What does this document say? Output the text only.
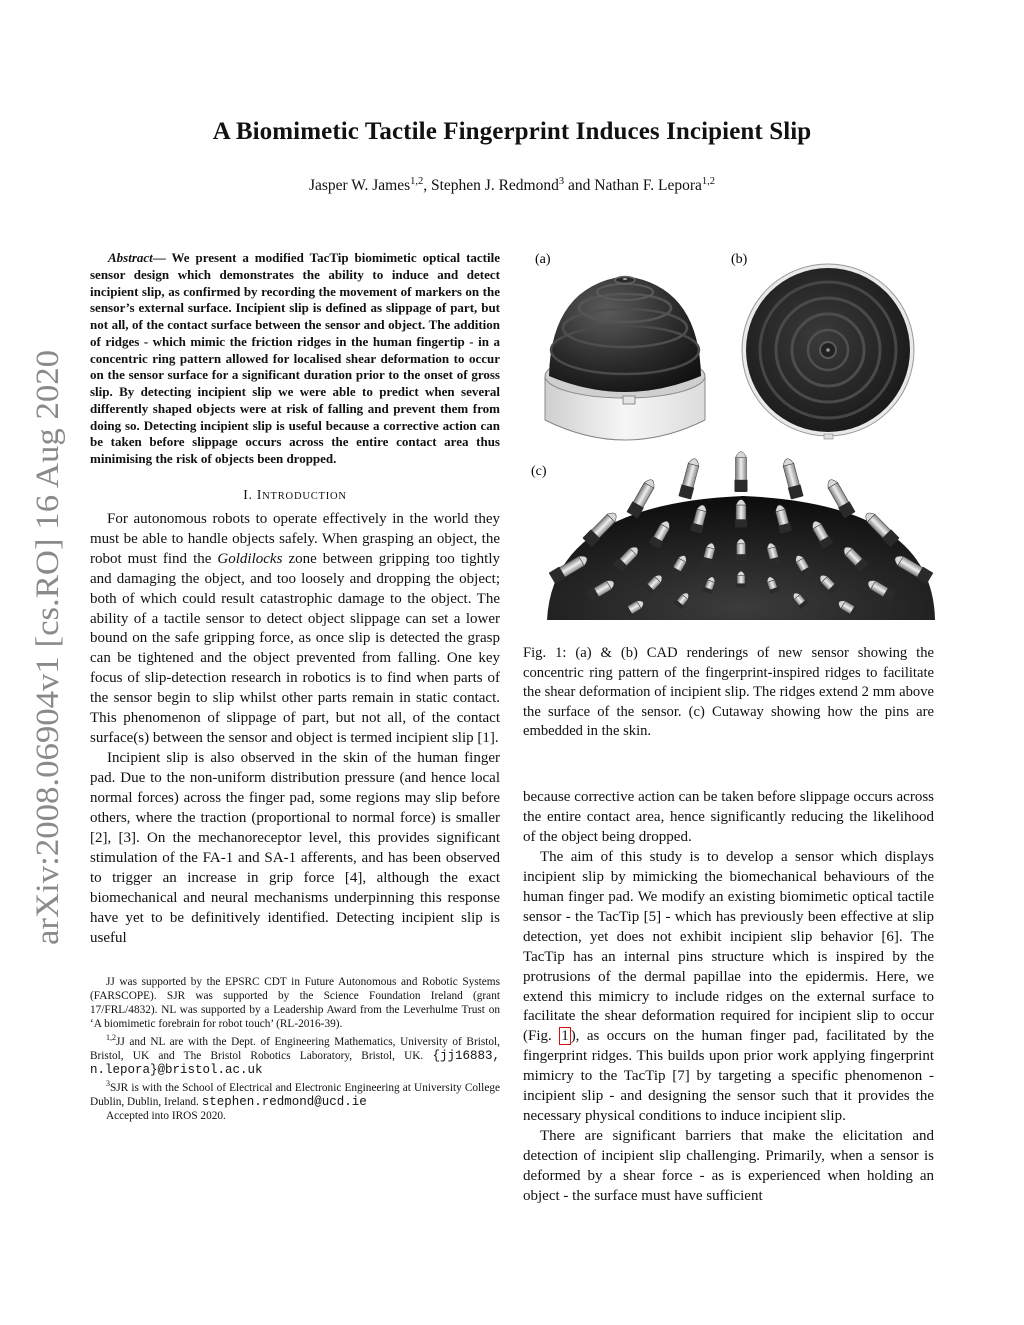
arXiv:2008.06904v1 [cs.RO] 16 Aug 2020
A Biomimetic Tactile Fingerprint Induces Incipient Slip
Jasper W. James$^{1,2}$, Stephen J. Redmond$^3$ and Nathan F. Lepora$^{1,2}$

Abstract— We present a modified TacTip biomimetic optical tactile sensor design which demonstrates the ability to induce and detect incipient slip, as confirmed by recording the movement of markers on the sensor’s external surface. Incipient slip is defined as slippage of part, but not all, of the contact surface between the sensor and object. The addition of ridges - which mimic the friction ridges in the human fingertip - in a concentric ring pattern allowed for localised shear deformation to occur on the sensor surface for a significant duration prior to the onset of gross slip. By detecting incipient slip we were able to predict when several differently shaped objects were at risk of falling and prevent them from doing so. Detecting incipient slip is useful because a corrective action can be taken before slippage occurs across the entire contact area thus minimising the risk of objects been dropped.

I. INTRODUCTION

For autonomous robots to operate effectively in the world they must be able to handle objects safely. When grasping an object, the robot must find the Goldilocks zone between gripping too tightly and damaging the object, and too loosely and dropping the object; both of which could result catastrophic damage to the object. The ability of a tactile sensor to detect object slippage can set a lower bound on the safe gripping force, as once slip is detected the grasp can be tightened and the object prevented from falling. One key focus of slip-detection research in robotics is to find when parts of the sensor begin to slip whilst other parts remain in static contact. This phenomenon of slippage of part, but not all, of the contact surface(s) between the sensor and object is termed incipient slip [1].

Incipient slip is also observed in the skin of the human finger pad. Due to the non-uniform distribution pressure (and hence local normal forces) across the finger pad, some regions may slip before others, where the traction (proportional to normal force) is smaller [2], [3]. On the mechanoreceptor level, this provides significant stimulation of the FA-1 and SA-1 afferents, and has been observed to trigger an increase in grip force [4], although the exact biomechanical and neural mechanisms underpinning this response have yet to be definitively identified. Detecting incipient slip is useful

JJ was supported by the EPSRC CDT in Future Autonomous and Robotic Systems (FARSCOPE). SJR was supported by the Science Foundation Ireland (grant 17/FRL/4832). NL was supported by a Leadership Award from the Leverhulme Trust on ‘A biomimetic forebrain for robot touch’ (RL-2016-39).

$^{1,2}$JJ and NL are with the Dept. of Engineering Mathematics, University of Bristol, Bristol, UK and The Bristol Robotics Laboratory, Bristol, UK. {jj16883, n.lepora}@bristol.ac.uk

$^3$SJR is with the School of Electrical and Electronic Engineering at University College Dublin, Dublin, Ireland. stephen.redmond@ucd.ie

Accepted into IROS 2020.

(a)	(b)
(c)

Fig. 1: (a) & (b) CAD renderings of new sensor showing the concentric ring pattern of the fingerprint-inspired ridges to facilitate the shear deformation of incipient slip. The ridges extend 2 mm above the surface of the sensor. (c) Cutaway showing how the pins are embedded in the skin.

because corrective action can be taken before slippage occurs across the entire contact area, hence significantly reducing the likelihood of the object being dropped.

The aim of this study is to develop a sensor which displays incipient slip by mimicking the biomechanical behaviours of the human finger pad. We modify an existing biomimetic optical tactile sensor - the TacTip [5] - which has previously been effective at slip detection, yet does not exhibit incipient slip behavior [6]. The TacTip has an internal pins structure which is inspired by the protrusions of the dermal papillae into the epidermis. Here, we extend this mimicry to include ridges on the external surface to facilitate the shear deformation required for incipient slip to occur (Fig. 1 ), as occurs on the human finger pad, facilitated by the fingerprint ridges. This builds upon prior work applying fingerprint mimicry to the TacTip [7] by targeting a specific phenomenon - incipient slip - and designing the sensor such that it provides the necessary physical conditions to induce incipient slip.

There are significant barriers that make the elicitation and detection of incipient slip challenging. Primarily, when a sensor is deformed by a shear force - as is experienced when holding an object - the surface must have sufficient
